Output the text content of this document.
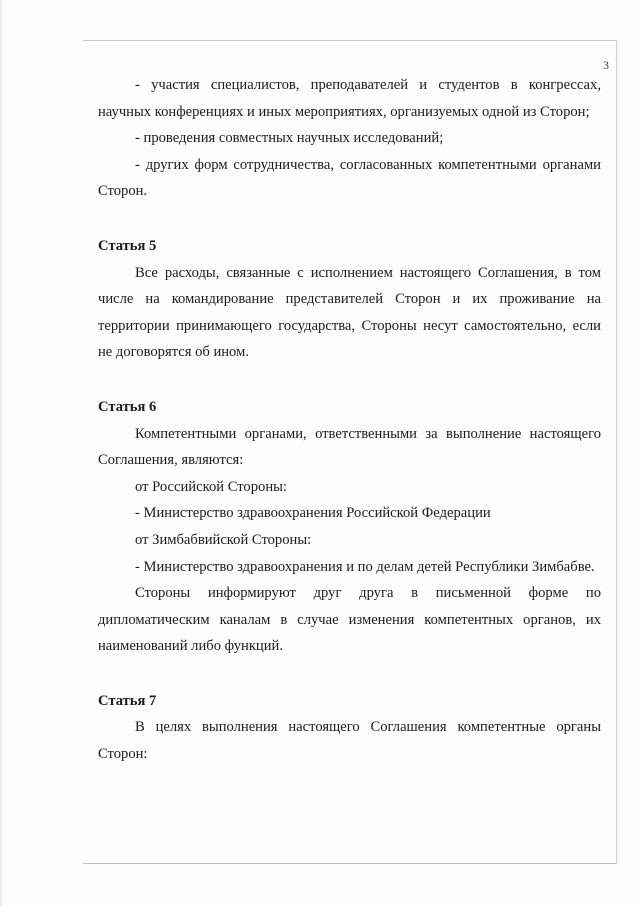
3

- участия специалистов, преподавателей и студентов в конгрессах, научных конференциях и иных мероприятиях, организуемых одной из Сторон;

- проведения совместных научных исследований;

- других форм сотрудничества, согласованных компетентными органами Сторон.

Статья 5

Все расходы, связанные с исполнением настоящего Соглашения, в том числе на командирование представителей Сторон и их проживание на территории принимающего государства, Стороны несут самостоятельно, если не договорятся об ином.

Статья 6

Компетентными органами, ответственными за выполнение настоящего Соглашения, являются:

от Российской Стороны:

- Министерство здравоохранения Российской Федерации

от Зимбабвийской Стороны:

- Министерство здравоохранения и по делам детей Республики Зимбабве.

Стороны информируют друг друга в письменной форме по дипломатическим каналам в случае изменения компетентных органов, их наименований либо функций.

Статья 7

В целях выполнения настоящего Соглашения компетентные органы Сторон:
